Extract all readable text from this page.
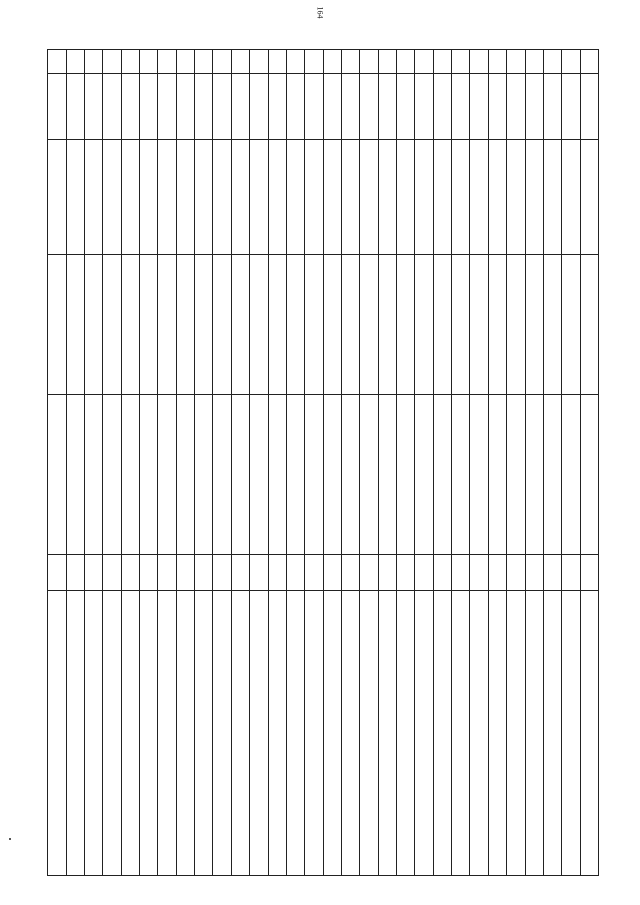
164
